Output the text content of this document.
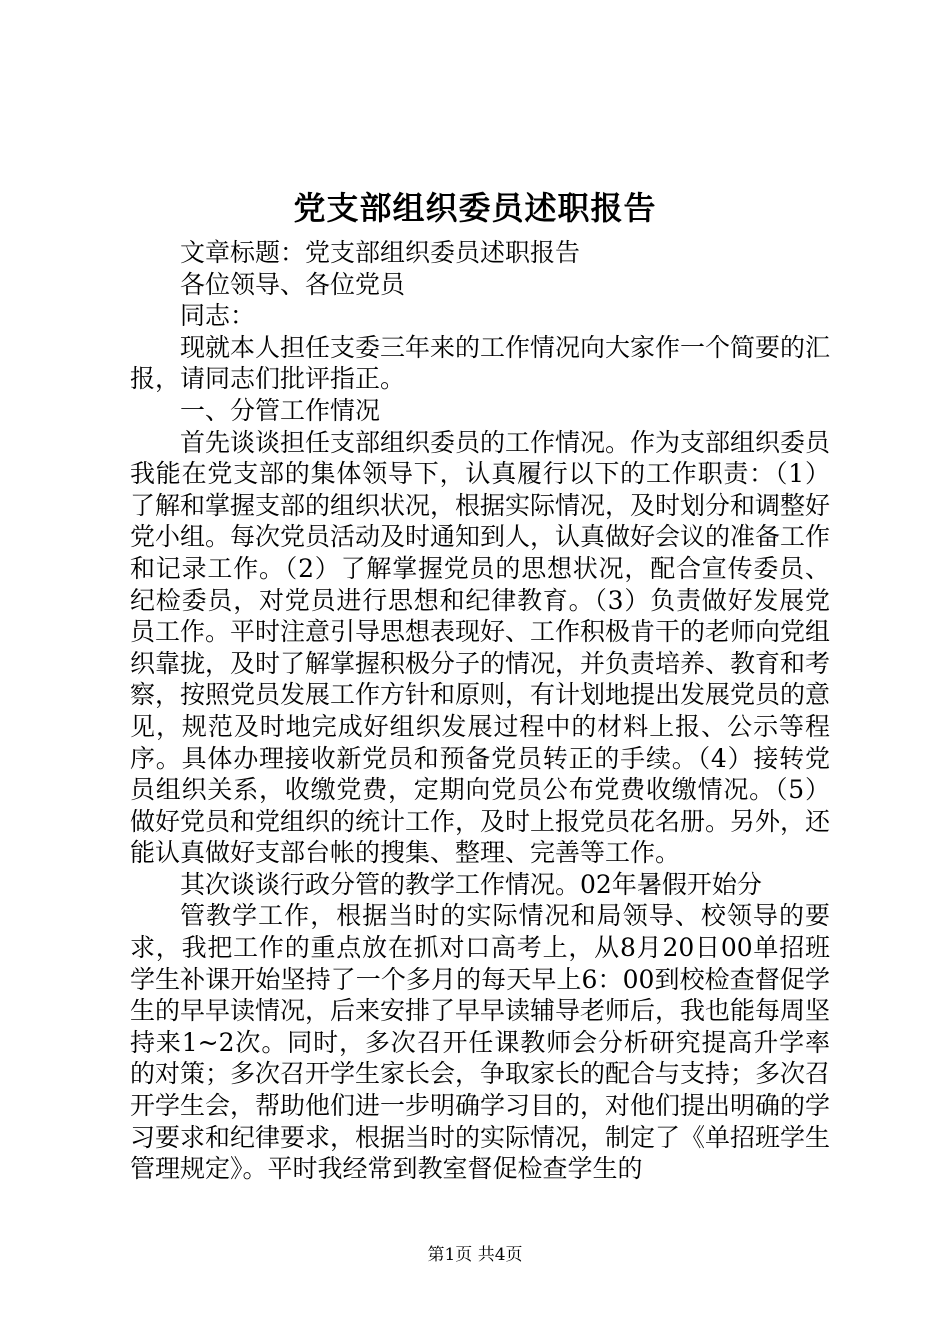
党支部组织委员述职报告

文章标题：党支部组织委员述职报告

各位领导、各位党员

同志：

现就本人担任支委三年来的工作情况向大家作一个简要的汇报，请同志们批评指正。

一、分管工作情况

首先谈谈担任支部组织委员的工作情况。作为支部组织委员我能在党支部的集体领导下，认真履行以下的工作职责：（1）了解和掌握支部的组织状况，根据实际情况，及时划分和调整好党小组。每次党员活动及时通知到人，认真做好会议的准备工作和记录工作。（2）了解掌握党员的思想状况，配合宣传委员、纪检委员，对党员进行思想和纪律教育。（3）负责做好发展党员工作。平时注意引导思想表现好、工作积极肯干的老师向党组织靠拢，及时了解掌握积极分子的情况，并负责培养、教育和考察，按照党员发展工作方针和原则，有计划地提出发展党员的意见，规范及时地完成好组织发展过程中的材料上报、公示等程序。具体办理接收新党员和预备党员转正的手续。（4）接转党员组织关系，收缴党费，定期向党员公布党费收缴情况。（5）做好党员和党组织的统计工作，及时上报党员花名册。另外，还能认真做好支部台帐的搜集、整理、完善等工作。

其次谈谈行政分管的教学工作情况。02年暑假开始分

管教学工作，根据当时的实际情况和局领导、校领导的要求，我把工作的重点放在抓对口高考上，从8月20日00单招班学生补课开始坚持了一个多月的每天早上6：00到校检查督促学生的早早读情况，后来安排了早早读辅导老师后，我也能每周坚持来1~2次。同时，多次召开任课教师会分析研究提高升学率的对策；多次召开学生家长会，争取家长的配合与支持；多次召开学生会，帮助他们进一步明确学习目的，对他们提出明确的学习要求和纪律要求，根据当时的实际情况，制定了《单招班学生管理规定》。平时我经常到教室督促检查学生的

第1页 共4页
